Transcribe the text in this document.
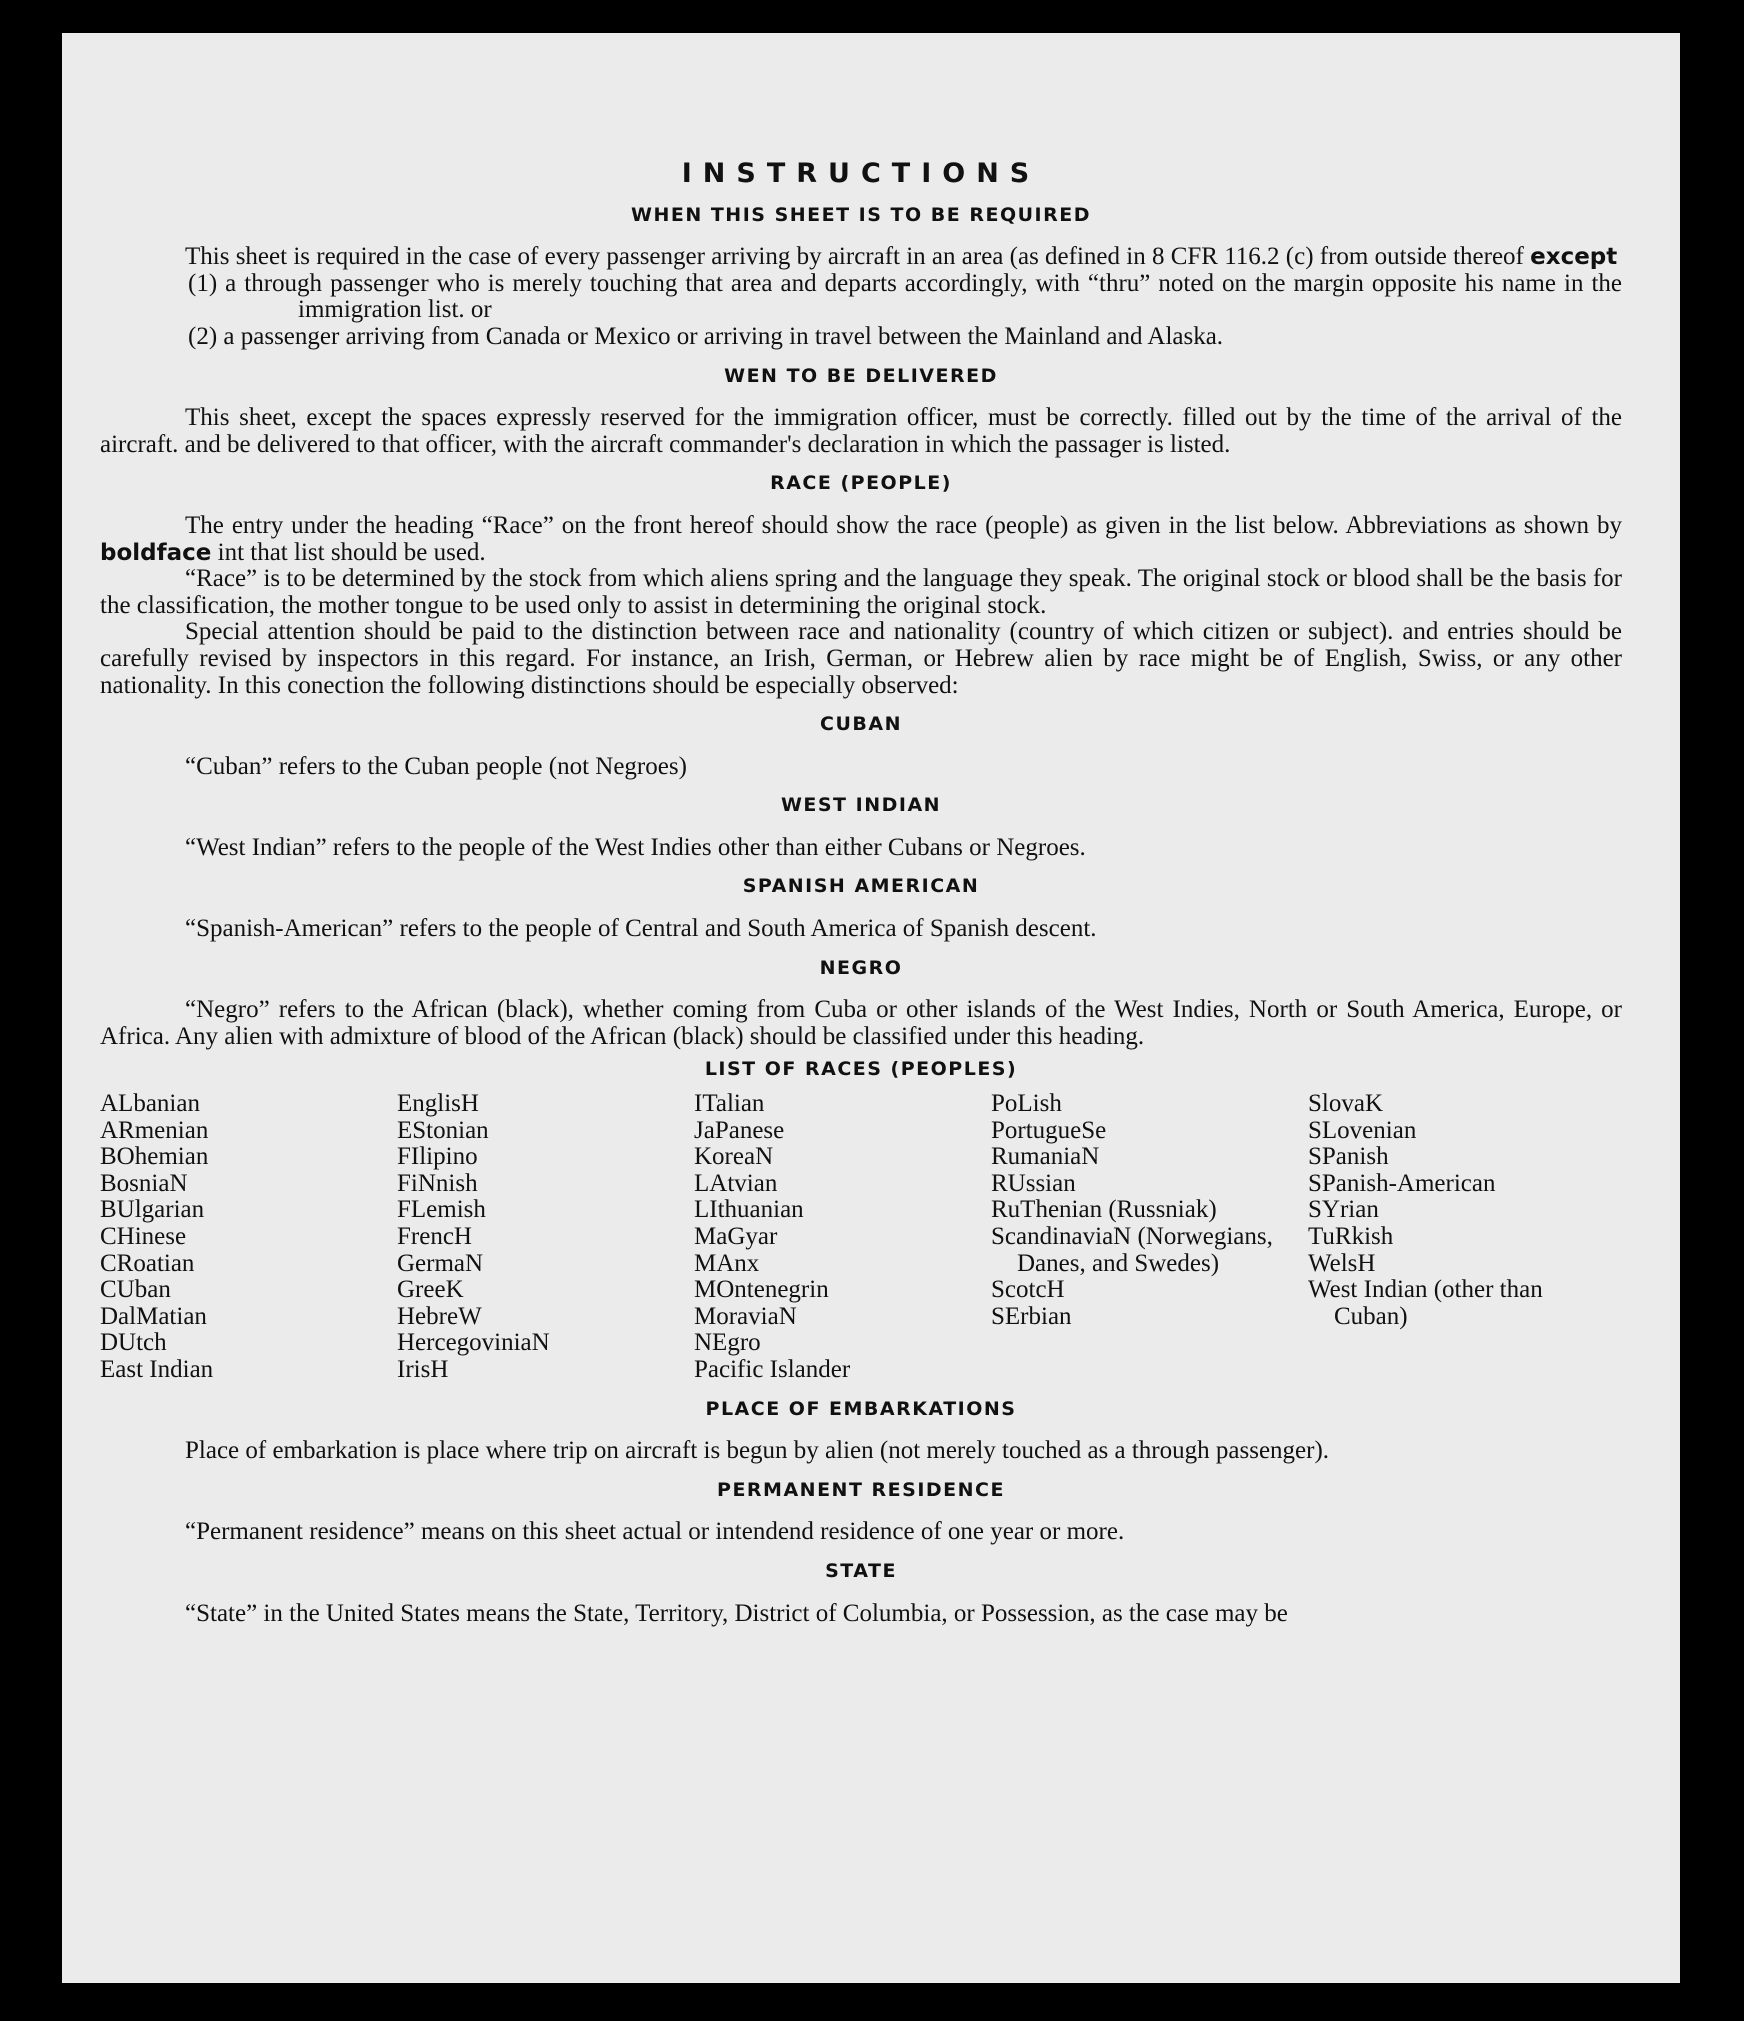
INSTRUCTIONS
WHEN THIS SHEET IS TO BE REQUIRED

This sheet is required in the case of every passenger arriving by aircraft in an area (as defined in 8 CFR 116.2 (c) from outside thereof except

(1) a through passenger who is merely touching that area and departs accordingly, with “thru” noted on the margin opposite his name in the immigration list. or

(2) a passenger arriving from Canada or Mexico or arriving in travel between the Mainland and Alaska.

WEN TO BE DELIVERED

This sheet, except the spaces expressly reserved for the immigration officer, must be correctly. filled out by the time of the arrival of the aircraft. and be delivered to that officer, with the aircraft commander's declaration in which the passager is listed.

RACE (PEOPLE)

The entry under the heading “Race” on the front hereof should show the race (people) as given in the list below. Abbreviations as shown by boldface int that list should be used.

“Race” is to be determined by the stock from which aliens spring and the language they speak. The original stock or blood shall be the basis for the classification, the mother tongue to be used only to assist in determining the original stock.

Special attention should be paid to the distinction between race and nationality (country of which citizen or subject). and entries should be carefully revised by inspectors in this regard. For instance, an Irish, German, or Hebrew alien by race might be of English, Swiss, or any other nationality. In this conection the following distinctions should be especially observed:

CUBAN

“Cuban” refers to the Cuban people (not Negroes)

WEST INDIAN

“West Indian” refers to the people of the West Indies other than either Cubans or Negroes.

SPANISH AMERICAN

“Spanish-American” refers to the people of Central and South America of Spanish descent.

NEGRO

“Negro” refers to the African (black), whether coming from Cuba or other islands of the West Indies, North or South America, Europe, or Africa. Any alien with admixture of blood of the African (black) should be classified under this heading.

LIST OF RACES (PEOPLES)
ALbanian
ARmenian
BOhemian
BosniaN
BUlgarian
CHinese
CRoatian
CUban
DalMatian
DUtch
East Indian
EnglisH
EStonian
FIlipino
FiNnish
FLemish
FrencH
GermaN
GreeK
HebreW
HercegoviniaN
IrisH
ITalian
JaPanese
KoreaN
LAtvian
LIthuanian
MaGyar
MAnx
MOntenegrin
MoraviaN
NEgro
Pacific Islander
PoLish
PortugueSe
RumaniaN
RUssian
RuThenian (Russniak)
ScandinaviaN (Norwegians, Danes, and Swedes)
ScotcH
SErbian
SlovaK
SLovenian
SPanish
SPanish-American
SYrian
TuRkish
WelsH
West Indian (other than Cuban)
PLACE OF EMBARKATIONS

Place of embarkation is place where trip on aircraft is begun by alien (not merely touched as a through passenger).

PERMANENT RESIDENCE

“Permanent residence” means on this sheet actual or intendend residence of one year or more.

STATE

“State” in the United States means the State, Territory, District of Columbia, or Possession, as the case may be
